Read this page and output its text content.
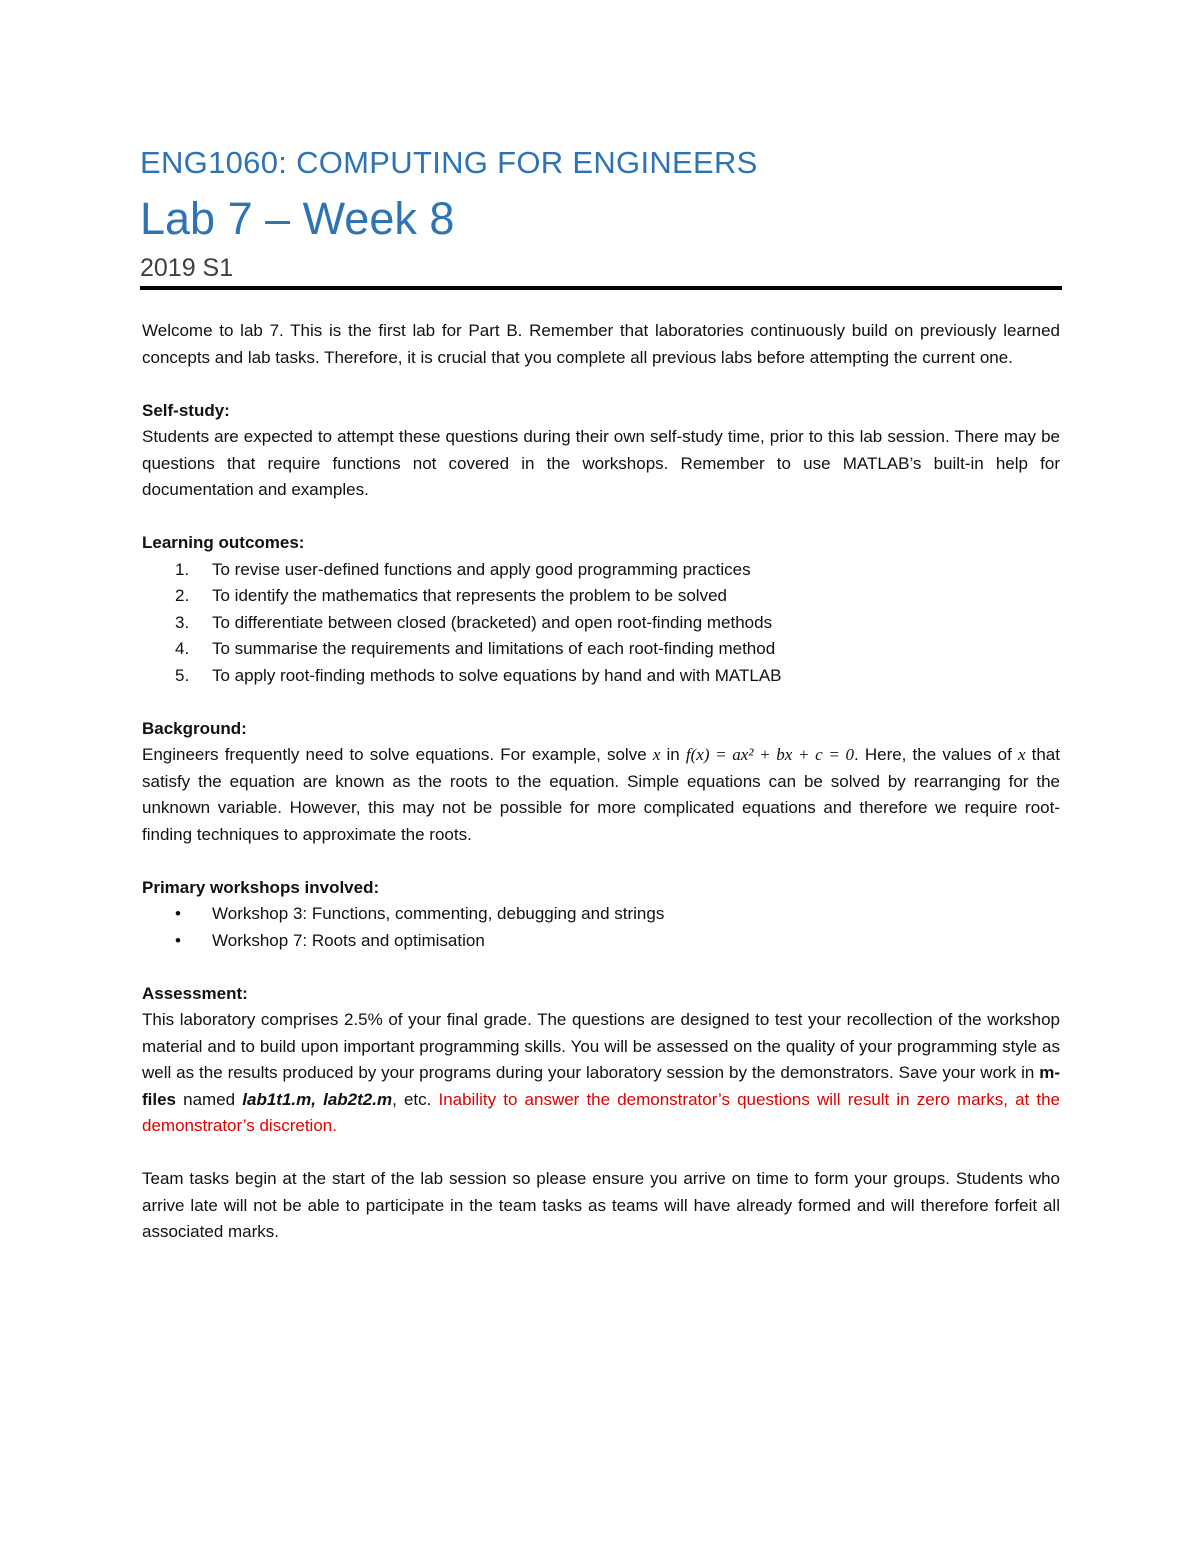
ENG1060: COMPUTING FOR ENGINEERS
Lab 7 – Week 8
2019 S1

Welcome to lab 7. This is the first lab for Part B. Remember that laboratories continuously build on previously learned concepts and lab tasks. Therefore, it is crucial that you complete all previous labs before attempting the current one.

Self-study:

Students are expected to attempt these questions during their own self-study time, prior to this lab session. There may be questions that require functions not covered in the workshops. Remember to use MATLAB’s built-in help for documentation and examples.

Learning outcomes:

1.	To revise user-defined functions and apply good programming practices
2.	To identify the mathematics that represents the problem to be solved
3.	To differentiate between closed (bracketed) and open root-finding methods
4.	To summarise the requirements and limitations of each root-finding method
5.	To apply root-finding methods to solve equations by hand and with MATLAB

Background:

Engineers frequently need to solve equations. For example, solve x in f(x) = ax² + bx + c = 0. Here, the values of x that satisfy the equation are known as the roots to the equation. Simple equations can be solved by rearranging for the unknown variable. However, this may not be possible for more complicated equations and therefore we require root-finding techniques to approximate the roots.

Primary workshops involved:

•	Workshop 3: Functions, commenting, debugging and strings
•	Workshop 7: Roots and optimisation

Assessment:

This laboratory comprises 2.5% of your final grade. The questions are designed to test your recollection of the workshop material and to build upon important programming skills. You will be assessed on the quality of your programming style as well as the results produced by your programs during your laboratory session by the demonstrators. Save your work in m-files named lab1t1.m, lab2t2.m, etc. Inability to answer the demonstrator’s questions will result in zero marks, at the demonstrator’s discretion.

Team tasks begin at the start of the lab session so please ensure you arrive on time to form your groups. Students who arrive late will not be able to participate in the team tasks as teams will have already formed and will therefore forfeit all associated marks.
